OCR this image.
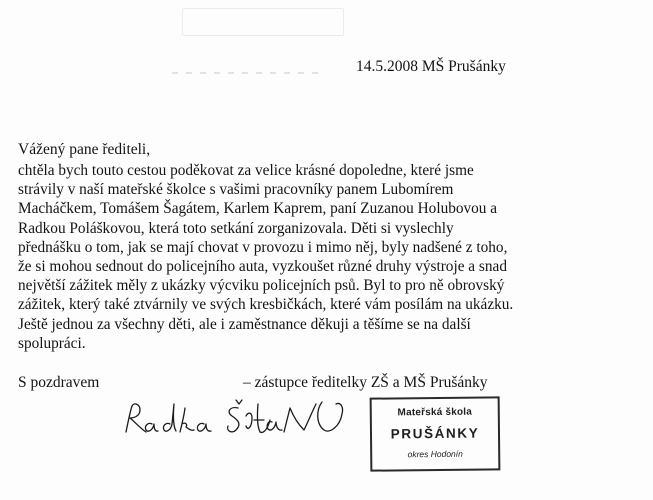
14.5.2008 MŠ Prušánky
Vážený pane řediteli,
chtěla bych touto cestou poděkovat za velice krásné dopoledne, které jsme
strávily v naší mateřské školce s vašimi pracovníky panem Lubomírem
Macháčkem, Tomášem Šagátem, Karlem Kaprem, paní Zuzanou Holubovou a
Radkou Poláškovou, která toto setkání zorganizovala. Děti si vyslechly
přednášku o tom, jak se mají chovat v provozu i mimo něj, byly nadšené z toho,
že si mohou sednout do policejního auta, vyzkoušet různé druhy výstroje a snad
největší zážitek měly z ukázky výcviku policejních psů. Byl to pro ně obrovský
zážitek, který také ztvárnily ve svých kresbičkách, které vám posílám na ukázku.
Ještě jednou za všechny děti, ale i zaměstnance děkuji a těšíme se na další
spolupráci.
S pozdravem	– zástupce ředitelky ZŠ a MŠ Prušánky
Mateřská škola
PRUŠÁNKY
okres Hodonín
